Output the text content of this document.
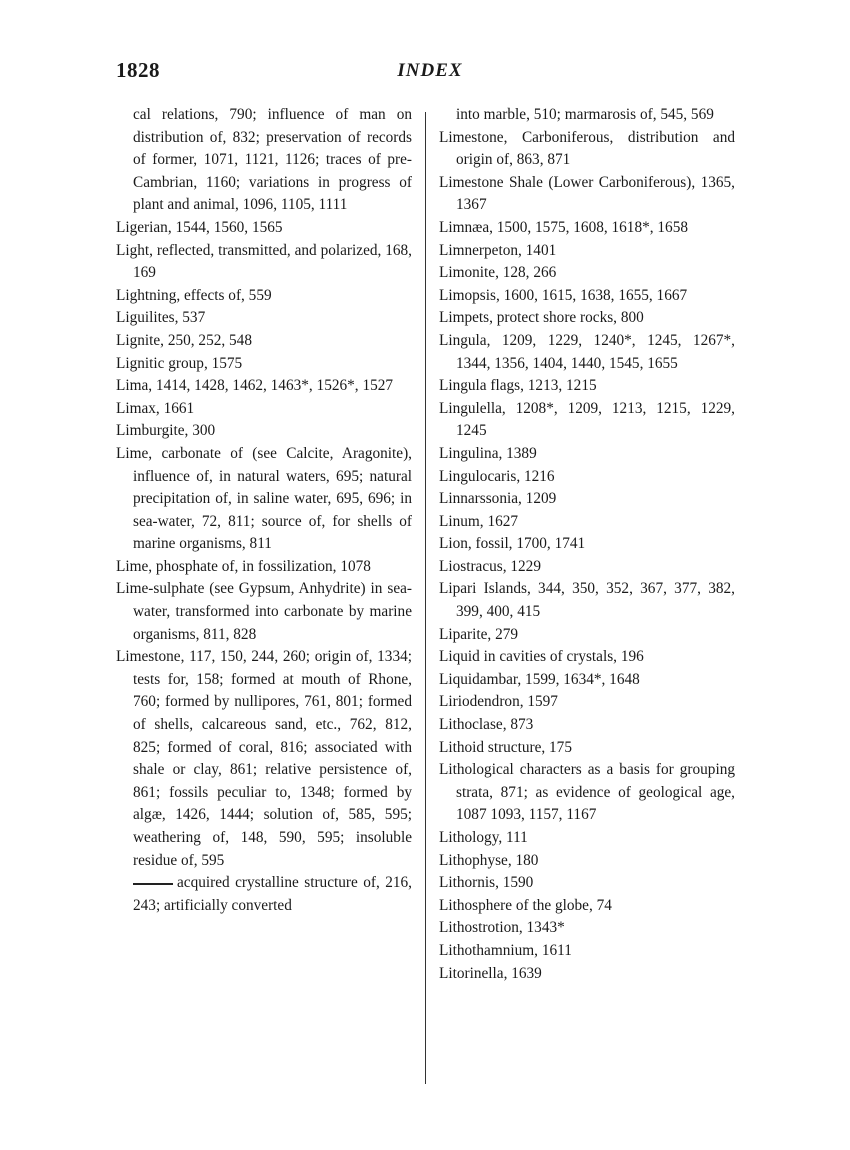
1828	INDEX

cal relations, 790; influence of man on distribution of, 832; preservation of records of former, 1071, 1121, 1126; traces of pre-Cambrian, 1160; variations in progress of plant and animal, 1096, 1105, 1111

Ligerian, 1544, 1560, 1565

Light, reflected, transmitted, and polarized, 168, 169

Lightning, effects of, 559

Liguilites, 537

Lignite, 250, 252, 548

Lignitic group, 1575

Lima, 1414, 1428, 1462, 1463*, 1526*, 1527

Limax, 1661

Limburgite, 300

Lime, carbonate of (see Calcite, Aragonite), influence of, in natural waters, 695; natural precipitation of, in saline water, 695, 696; in sea-water, 72, 811; source of, for shells of marine organisms, 811

Lime, phosphate of, in fossilization, 1078

Lime-sulphate (see Gypsum, Anhydrite) in sea-water, transformed into carbonate by marine organisms, 811, 828

Limestone, 117, 150, 244, 260; origin of, 1334; tests for, 158; formed at mouth of Rhone, 760; formed by nullipores, 761, 801; formed of shells, calcareous sand, etc., 762, 812, 825; formed of coral, 816; associated with shale or clay, 861; relative persistence of, 861; fossils peculiar to, 1348; formed by algæ, 1426, 1444; solution of, 585, 595; weathering of, 148, 590, 595; insoluble residue of, 595

acquired crystalline structure of, 216, 243; artificially converted

into marble, 510; marmarosis of, 545, 569

Limestone, Carboniferous, distribution and origin of, 863, 871

Limestone Shale (Lower Carboniferous), 1365, 1367

Limnæa, 1500, 1575, 1608, 1618*, 1658

Limnerpeton, 1401

Limonite, 128, 266

Limopsis, 1600, 1615, 1638, 1655, 1667

Limpets, protect shore rocks, 800

Lingula, 1209, 1229, 1240*, 1245, 1267*, 1344, 1356, 1404, 1440, 1545, 1655

Lingula flags, 1213, 1215

Lingulella, 1208*, 1209, 1213, 1215, 1229, 1245

Lingulina, 1389

Lingulocaris, 1216

Linnarssonia, 1209

Linum, 1627

Lion, fossil, 1700, 1741

Liostracus, 1229

Lipari Islands, 344, 350, 352, 367, 377, 382, 399, 400, 415

Liparite, 279

Liquid in cavities of crystals, 196

Liquidambar, 1599, 1634*, 1648

Liriodendron, 1597

Lithoclase, 873

Lithoid structure, 175

Lithological characters as a basis for grouping strata, 871; as evidence of geological age, 1087 1093, 1157, 1167

Lithology, 111

Lithophyse, 180

Lithornis, 1590

Lithosphere of the globe, 74

Lithostrotion, 1343*

Lithothamnium, 1611

Litorinella, 1639
